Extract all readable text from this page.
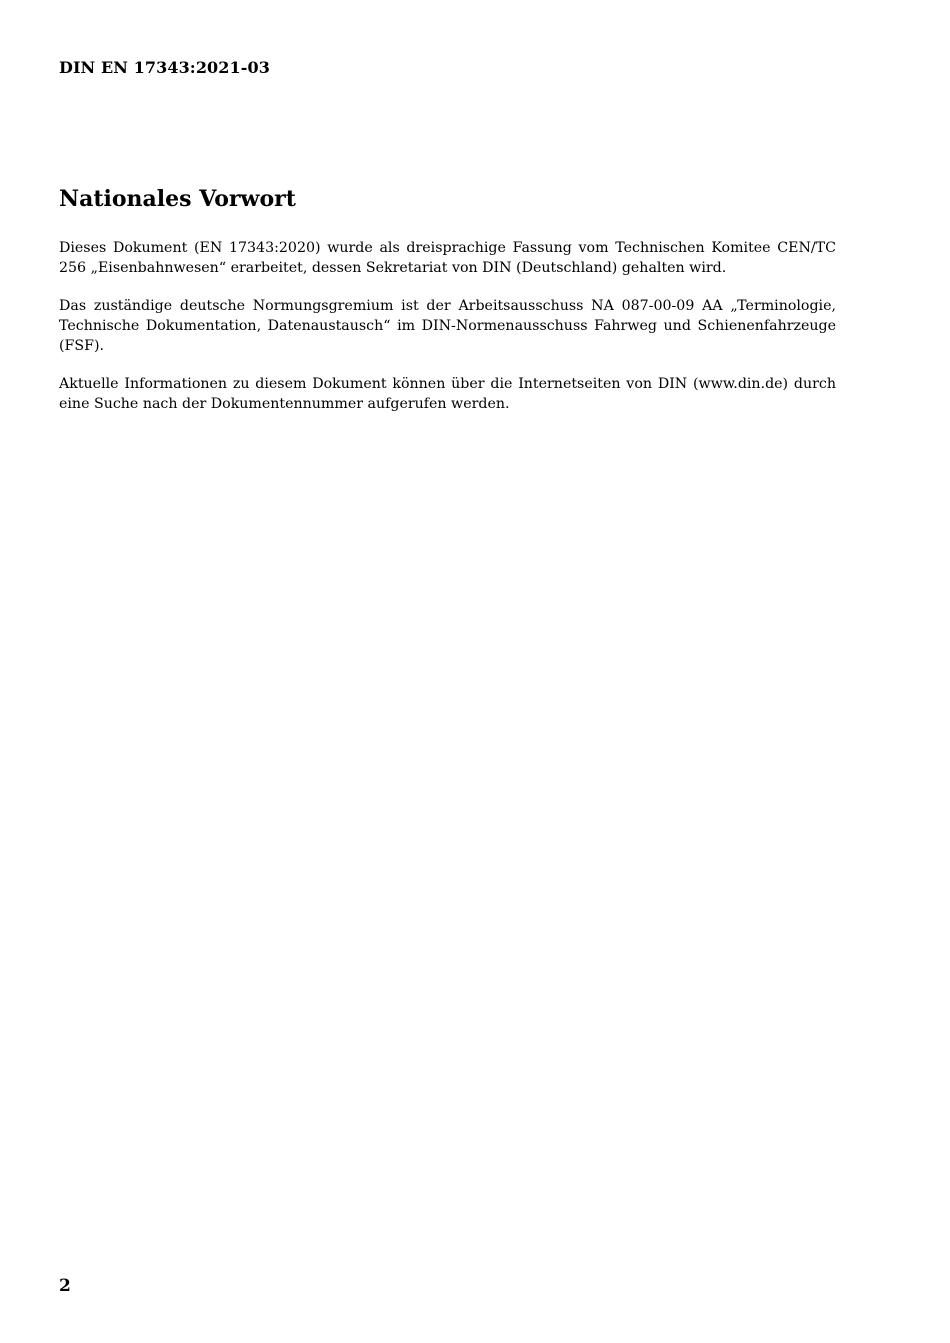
DIN EN 17343:2021-03
Nationales Vorwort

Dieses Dokument (EN 17343:2020) wurde als dreisprachige Fassung vom Technischen Komitee CEN/TC 256 „Eisenbahnwesen“ erarbeitet, dessen Sekretariat von DIN (Deutschland) gehalten wird.

Das zuständige deutsche Normungsgremium ist der Arbeitsausschuss NA 087-00-09 AA „Terminologie, Technische Dokumentation, Datenaustausch“ im DIN-Normenausschuss Fahrweg und Schienenfahrzeuge (FSF).

Aktuelle Informationen zu diesem Dokument können über die Internetseiten von DIN (www.din.de) durch eine Suche nach der Dokumentennummer aufgerufen werden.

2
